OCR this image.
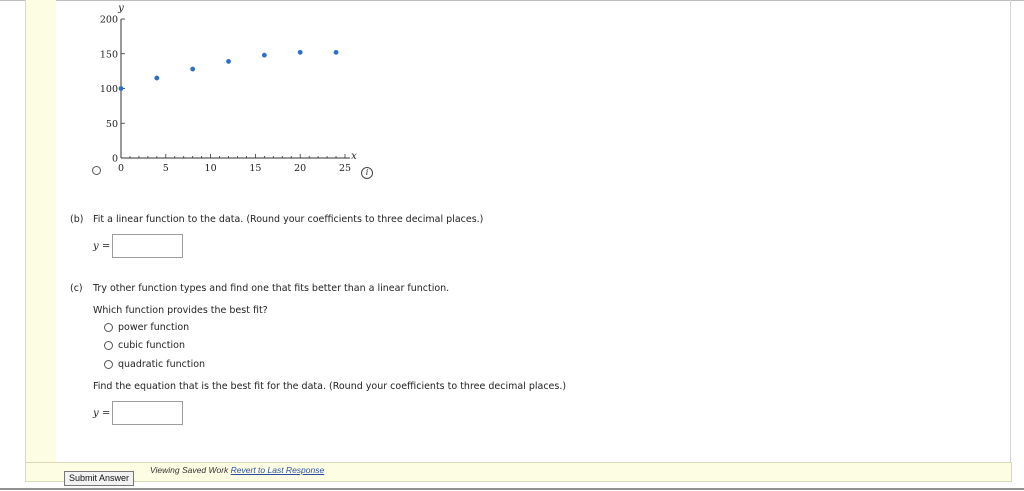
0	5	10	15	20	25
0
50
100
150
200
y
x
i
(b) Fit a linear function to the data. (Round your coefficients to three decimal places.)
y =
(c) Try other function types and find one that fits better than a linear function.
Which function provides the best fit?
power function
cubic function
quadratic function
Find the equation that is the best fit for the data. (Round your coefficients to three decimal places.)
y =
Submit Answer
Viewing Saved Work Revert to Last Response
